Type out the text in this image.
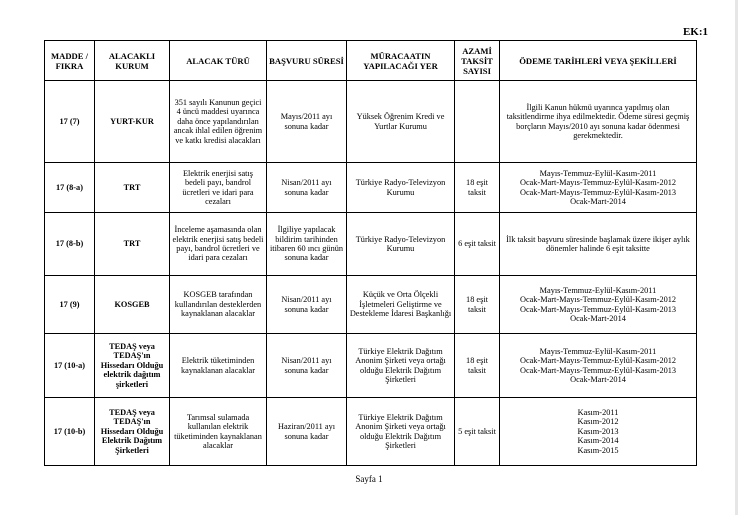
EK:1
MADDE / FIKRA	ALACAKLI KURUM	ALACAK TÜRÜ	BAŞVURU SÜRESİ	MÜRACAATIN YAPILACAĞI YER	AZAMİ TAKSİT SAYISI	ÖDEME TARİHLERİ VEYA ŞEKİLLERİ
17 (7)	YURT-KUR	351 sayılı Kanunun geçici 4 üncü maddesi uyarınca daha önce yapılandırılan ancak ihlal edilen öğrenim ve katkı kredisi alacakları	Mayıs/2011 ayı sonuna kadar	Yüksek Öğrenim Kredi ve Yurtlar Kurumu		İlgili Kanun hükmü uyarınca yapılmış olan taksitlendirme ihya edilmektedir. Ödeme süresi geçmiş borçların Mayıs/2010 ayı sonuna kadar ödenmesi gerekmektedir.

17 (8-a)	TRT	Elektrik enerjisi satış bedeli payı, bandrol ücretleri ve idari para cezaları	Nisan/2011 ayı sonuna kadar	Türkiye Radyo-Televizyon Kurumu	18 eşit taksit	Mayıs-Temmuz-Eylül-Kasım-2011
Ocak-Mart-Mayıs-Temmuz-Eylül-Kasım-2012
Ocak-Mart-Mayıs-Temmuz-Eylül-Kasım-2013
Ocak-Mart-2014

17 (8-b)	TRT	İnceleme aşamasında olan elektrik enerjisi satış bedeli payı, bandrol ücretleri ve idari para cezaları	İlgiliye yapılacak bildirim tarihinden itibaren 60 ıncı günün sonuna kadar	Türkiye Radyo-Televizyon Kurumu	6 eşit taksit	İlk taksit başvuru süresinde başlamak üzere ikişer aylık dönemler halinde 6 eşit taksitte

17 (9)	KOSGEB	KOSGEB tarafından kullandırılan desteklerden kaynaklanan alacaklar	Nisan/2011 ayı sonuna kadar	Küçük ve Orta Ölçekli İşletmeleri Geliştirme ve Destekleme İdaresi Başkanlığı	18 eşit taksit	Mayıs-Temmuz-Eylül-Kasım-2011
Ocak-Mart-Mayıs-Temmuz-Eylül-Kasım-2012
Ocak-Mart-Mayıs-Temmuz-Eylül-Kasım-2013
Ocak-Mart-2014

17 (10-a)	TEDAŞ veya TEDAŞ'ın Hissedarı Olduğu elektrik dağıtım şirketleri	Elektrik tüketiminden kaynaklanan alacaklar	Nisan/2011 ayı sonuna kadar	Türkiye Elektrik Dağıtım Anonim Şirketi veya ortağı olduğu Elektrik Dağıtım Şirketleri	18 eşit taksit	Mayıs-Temmuz-Eylül-Kasım-2011
Ocak-Mart-Mayıs-Temmuz-Eylül-Kasım-2012
Ocak-Mart-Mayıs-Temmuz-Eylül-Kasım-2013
Ocak-Mart-2014

17 (10-b)	TEDAŞ veya TEDAŞ'ın Hissedarı Olduğu Elektrik Dağıtım Şirketleri	Tarımsal sulamada kullanılan elektrik tüketiminden kaynaklanan alacaklar	Haziran/2011 ayı sonuna kadar	Türkiye Elektrik Dağıtım Anonim Şirketi veya ortağı olduğu Elektrik Dağıtım Şirketleri	5 eşit taksit	Kasım-2011
Kasım-2012
Kasım-2013
Kasım-2014
Kasım-2015
Sayfa 1
